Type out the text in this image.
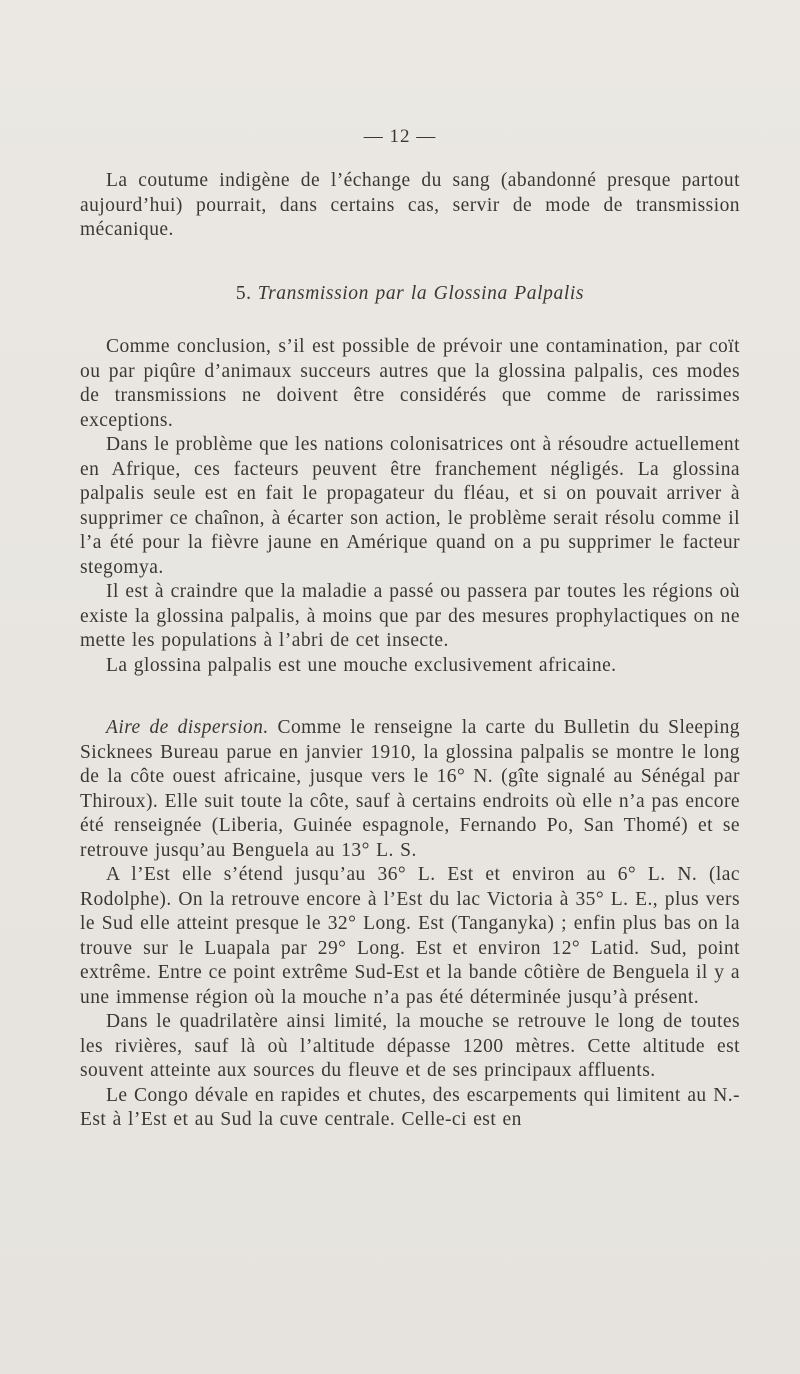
— 12 —

La coutume indigène de l’échange du sang (abandonné presque partout aujourd’hui) pourrait, dans certains cas, servir de mode de transmission mécanique.

5. Transmission par la Glossina Palpalis

Comme conclusion, s’il est possible de prévoir une contamination, par coït ou par piqûre d’animaux succeurs autres que la glossina palpalis, ces modes de transmissions ne doivent être considérés que comme de rarissimes exceptions.

Dans le problème que les nations colonisatrices ont à résoudre actuellement en Afrique, ces facteurs peuvent être franchement négligés. La glossina palpalis seule est en fait le propagateur du fléau, et si on pouvait arriver à supprimer ce chaînon, à écarter son action, le problème serait résolu comme il l’a été pour la fièvre jaune en Amérique quand on a pu supprimer le facteur stegomya.

Il est à craindre que la maladie a passé ou passera par toutes les régions où existe la glossina palpalis, à moins que par des mesures prophylactiques on ne mette les populations à l’abri de cet insecte.

La glossina palpalis est une mouche exclusivement africaine.

Aire de dispersion. Comme le renseigne la carte du Bulletin du Sleeping Sicknees Bureau parue en janvier 1910, la glossina palpalis se montre le long de la côte ouest africaine, jusque vers le 16° N. (gîte signalé au Sénégal par Thiroux). Elle suit toute la côte, sauf à certains endroits où elle n’a pas encore été renseignée (Liberia, Guinée espagnole, Fernando Po, San Thomé) et se retrouve jusqu’au Benguela au 13° L. S.

A l’Est elle s’étend jusqu’au 36° L. Est et environ au 6° L. N. (lac Rodolphe). On la retrouve encore à l’Est du lac Victoria à 35° L. E., plus vers le Sud elle atteint presque le 32° Long. Est (Tanganyka) ; enfin plus bas on la trouve sur le Luapala par 29° Long. Est et environ 12° Latid. Sud, point extrême. Entre ce point extrême Sud-Est et la bande côtière de Benguela il y a une immense région où la mouche n’a pas été déterminée jusqu’à présent.

Dans le quadrilatère ainsi limité, la mouche se retrouve le long de toutes les rivières, sauf là où l’altitude dépasse 1200 mètres. Cette altitude est souvent atteinte aux sources du fleuve et de ses principaux affluents.

Le Congo dévale en rapides et chutes, des escarpements qui limitent au N.-Est à l’Est et au Sud la cuve centrale. Celle-ci est en
